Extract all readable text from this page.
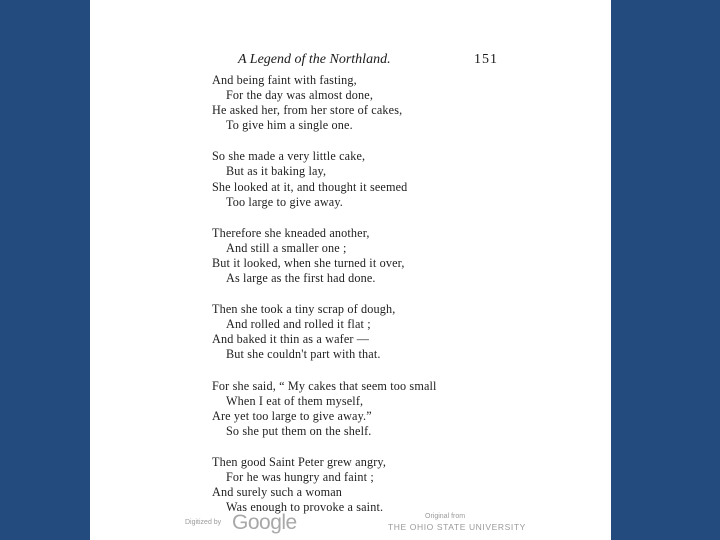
A Legend of the Northland.	151
And being faint with fasting,
For the day was almost done,
He asked her, from her store of cakes,
To give him a single one.
So she made a very little cake,
But as it baking lay,
She looked at it, and thought it seemed
Too large to give away.
Therefore she kneaded another,
And still a smaller one ;
But it looked, when she turned it over,
As large as the first had done.
Then she took a tiny scrap of dough,
And rolled and rolled it flat ;
And baked it thin as a wafer —
But she couldn't part with that.
For she said, “ My cakes that seem too small
When I eat of them myself,
Are yet too large to give away.”
So she put them on the shelf.
Then good Saint Peter grew angry,
For he was hungry and faint ;
And surely such a woman
Was enough to provoke a saint.
Digitized by Google	Original from
THE OHIO STATE UNIVERSITY
